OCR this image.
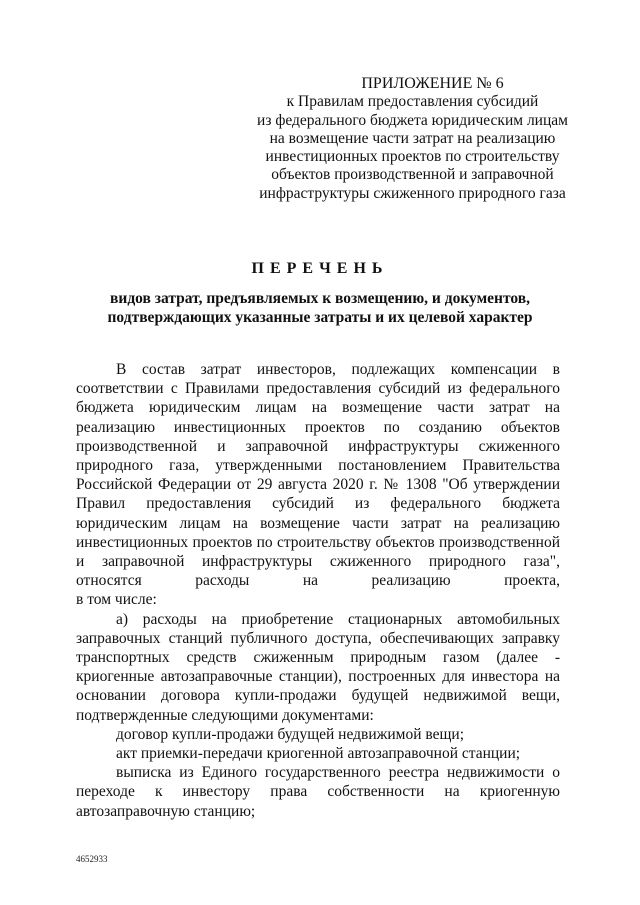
ПРИЛОЖЕНИЕ № 6
к Правилам предоставления субсидий
из федерального бюджета юридическим лицам
на возмещение части затрат на реализацию
инвестиционных проектов по строительству
объектов производственной и заправочной
инфраструктуры сжиженного природного газа
ПЕРЕЧЕНЬ
видов затрат, предъявляемых к возмещению, и документов,
подтверждающих указанные затраты и их целевой характер

В состав затрат инвесторов, подлежащих компенсации в соответствии с Правилами предоставления субсидий из федерального бюджета юридическим лицам на возмещение части затрат на реализацию инвестиционных проектов по созданию объектов производственной и заправочной инфраструктуры сжиженного природного газа, утвержденными постановлением Правительства Российской Федерации от 29 августа 2020 г. № 1308 "Об утверждении Правил предоставления субсидий из федерального бюджета юридическим лицам на возмещение части затрат на реализацию инвестиционных проектов по строительству объектов производственной и заправочной инфраструктуры сжиженного природного газа", относятся расходы на реализацию проекта,

в том числе:

а) расходы на приобретение стационарных автомобильных заправочных станций публичного доступа, обеспечивающих заправку транспортных средств сжиженным природным газом (далее - криогенные автозаправочные станции), построенных для инвестора на основании договора купли-продажи будущей недвижимой вещи, подтвержденные следующими документами:

договор купли-продажи будущей недвижимой вещи;

акт приемки-передачи криогенной автозаправочной станции;

выписка из Единого государственного реестра недвижимости о переходе к инвестору права собственности на криогенную автозаправочную станцию;

4652933
